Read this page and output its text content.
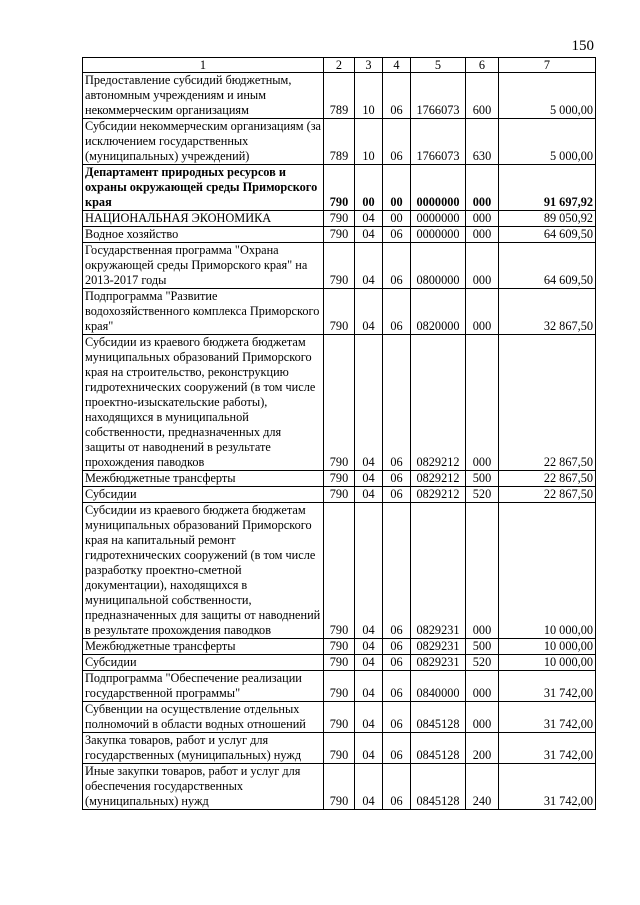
150
1	2	3	4	5	6	7
Предоставление субсидий бюджетным, автономным учреждениям и иным некоммерческим организациям	789	10	06	1766073	600	5 000,00
Субсидии некоммерческим организациям (за исключением государственных (муниципальных) учреждений)	789	10	06	1766073	630	5 000,00
Департамент природных ресурсов и охраны окружающей среды Приморского края	790	00	00	0000000	000	91 697,92
НАЦИОНАЛЬНАЯ ЭКОНОМИКА	790	04	00	0000000	000	89 050,92
Водное хозяйство	790	04	06	0000000	000	64 609,50
Государственная программа "Охрана окружающей среды Приморского края" на 2013-2017 годы	790	04	06	0800000	000	64 609,50
Подпрограмма "Развитие водохозяйственного комплекса Приморского края"	790	04	06	0820000	000	32 867,50
Субсидии из краевого бюджета бюджетам муниципальных образований Приморского края на строительство, реконструкцию гидротехнических сооружений (в том числе проектно-изыскательские работы), находящихся в муниципальной собственности, предназначенных для защиты от наводнений в результате прохождения паводков	790	04	06	0829212	000	22 867,50
Межбюджетные трансферты	790	04	06	0829212	500	22 867,50
Субсидии	790	04	06	0829212	520	22 867,50
Субсидии из краевого бюджета бюджетам муниципальных образований Приморского края на капитальный ремонт гидротехнических сооружений (в том числе разработку проектно-сметной документации), находящихся в муниципальной собственности, предназначенных для защиты от наводнений в результате прохождения паводков	790	04	06	0829231	000	10 000,00
Межбюджетные трансферты	790	04	06	0829231	500	10 000,00
Субсидии	790	04	06	0829231	520	10 000,00
Подпрограмма "Обеспечение реализации государственной программы"	790	04	06	0840000	000	31 742,00
Субвенции на осуществление отдельных полномочий в области водных отношений	790	04	06	0845128	000	31 742,00
Закупка товаров, работ и услуг для государственных (муниципальных) нужд	790	04	06	0845128	200	31 742,00
Иные закупки товаров, работ и услуг для обеспечения государственных (муниципальных) нужд	790	04	06	0845128	240	31 742,00
